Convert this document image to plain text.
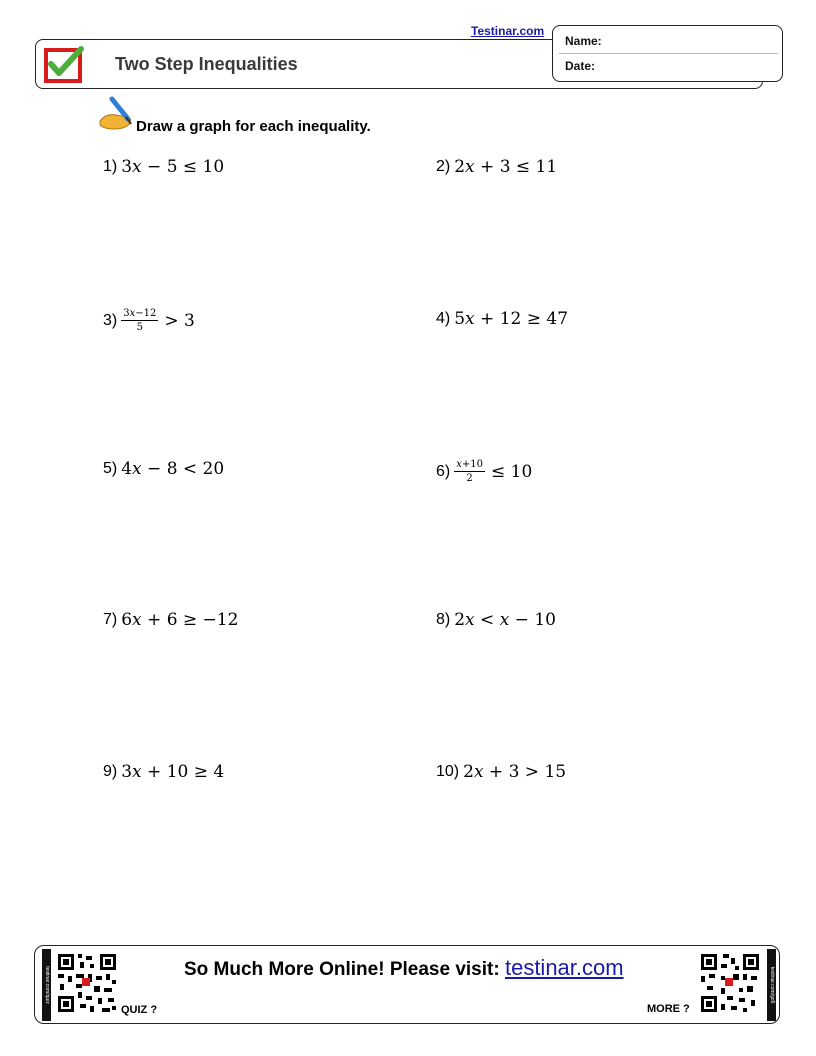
Testinar.com
Two Step Inequalities
Name:
Date:
Draw a graph for each inequality.
1) 3𝑥 − 5 ≤ 10	2) 2𝑥 + 3 ≤ 11
$3) \frac{\text{3𝑥−12}}{5} > 3$	4) 5𝑥 + 12 ≥ 47
5) 4𝑥 − 8 < 20	$6) \frac{\text{𝑥+10}}{2} \le 10$
7) 6𝑥 + 6 ≥ −12	8) 2𝑥 < 𝑥 − 10
9) 3𝑥 + 10 ≥ 4	10) 2𝑥 + 3 > 15
testinar.com/quiz	So Much More Online! Please visit: testinar.com
QUIZ ?	MORE ?
testinar.com/go5
